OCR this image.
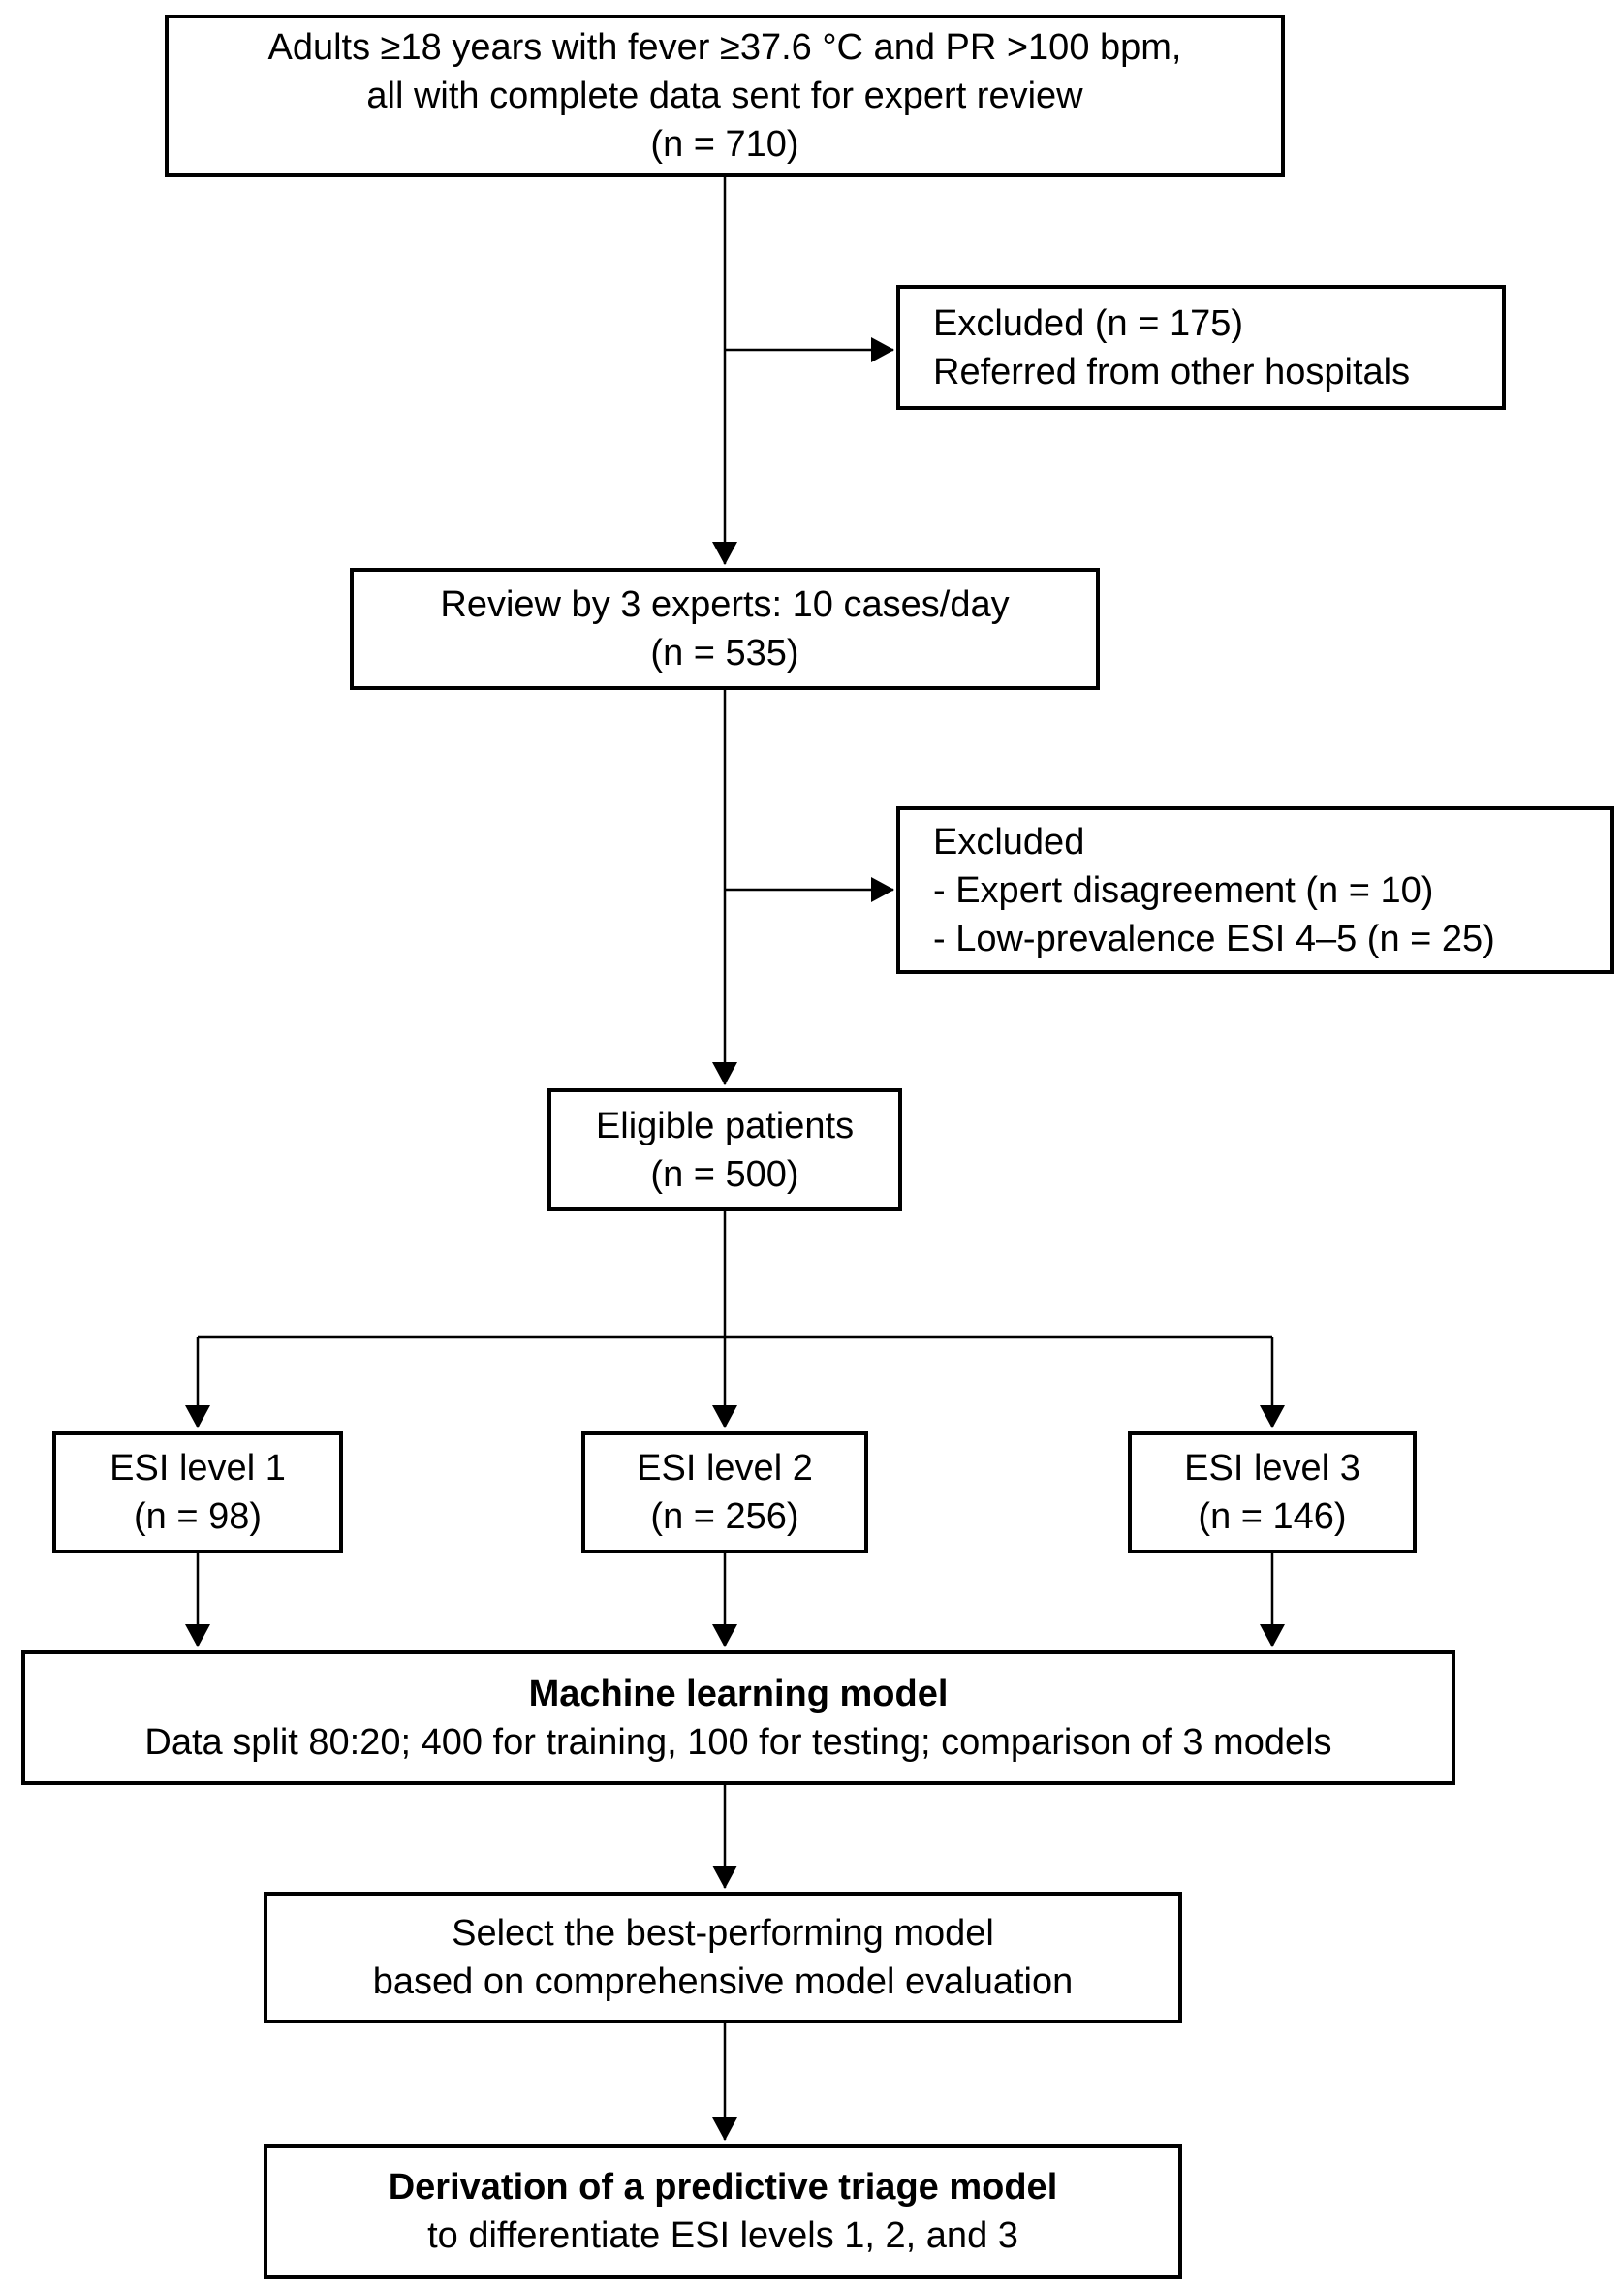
Adults ≥18 years with fever ≥37.6 °C and PR >100 bpm,
all with complete data sent for expert review
(n = 710)
Excluded (n = 175)
Referred from other hospitals
Review by 3 experts: 10 cases/day
(n = 535)
Excluded
- Expert disagreement (n = 10)
- Low-prevalence ESI 4–5 (n = 25)
Eligible patients
(n = 500)
ESI level 1
(n = 98)
ESI level 2
(n = 256)
ESI level 3
(n = 146)
Machine learning model
Data split 80:20; 400 for training, 100 for testing; comparison of 3 models
Select the best-performing model
based on comprehensive model evaluation
Derivation of a predictive triage model
to differentiate ESI levels 1, 2, and 3
